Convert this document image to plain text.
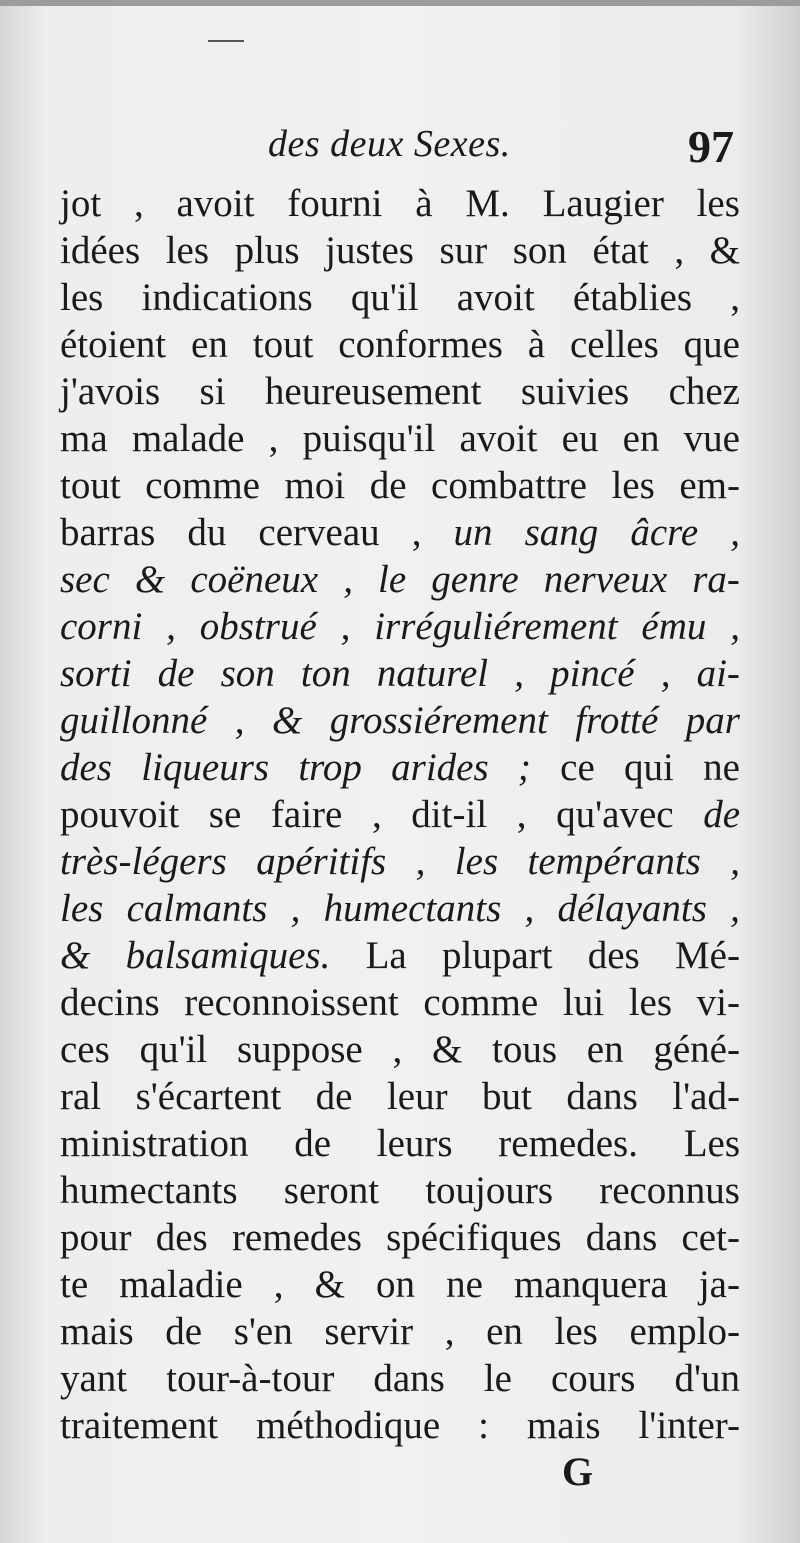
des deux Sexes.	97
jot , avoit fourni à M. Laugier les
idées les plus justes sur son état , &
les indications qu'il avoit établies ,
étoient en tout conformes à celles que
j'avois si heureusement suivies chez
ma malade , puisqu'il avoit eu en vue
tout comme moi de combattre les em-
barras du cerveau , un sang âcre ,
sec & coëneux , le genre nerveux ra-
corni , obstrué , irréguliérement ému ,
sorti de son ton naturel , pincé , ai-
guillonné , & grossiérement frotté par
des liqueurs trop arides ; ce qui ne
pouvoit se faire , dit-il , qu'avec de
très-légers apéritifs , les tempérants ,
les calmants , humectants , délayants ,
& balsamiques. La plupart des Mé-
decins reconnoissent comme lui les vi-
ces qu'il suppose , & tous en géné-
ral s'écartent de leur but dans l'ad-
ministration de leurs remedes. Les
humectants seront toujours reconnus
pour des remedes spécifiques dans cet-
te maladie , & on ne manquera ja-
mais de s'en servir , en les emplo-
yant tour-à-tour dans le cours d'un
traitement méthodique : mais l'inter-
G
